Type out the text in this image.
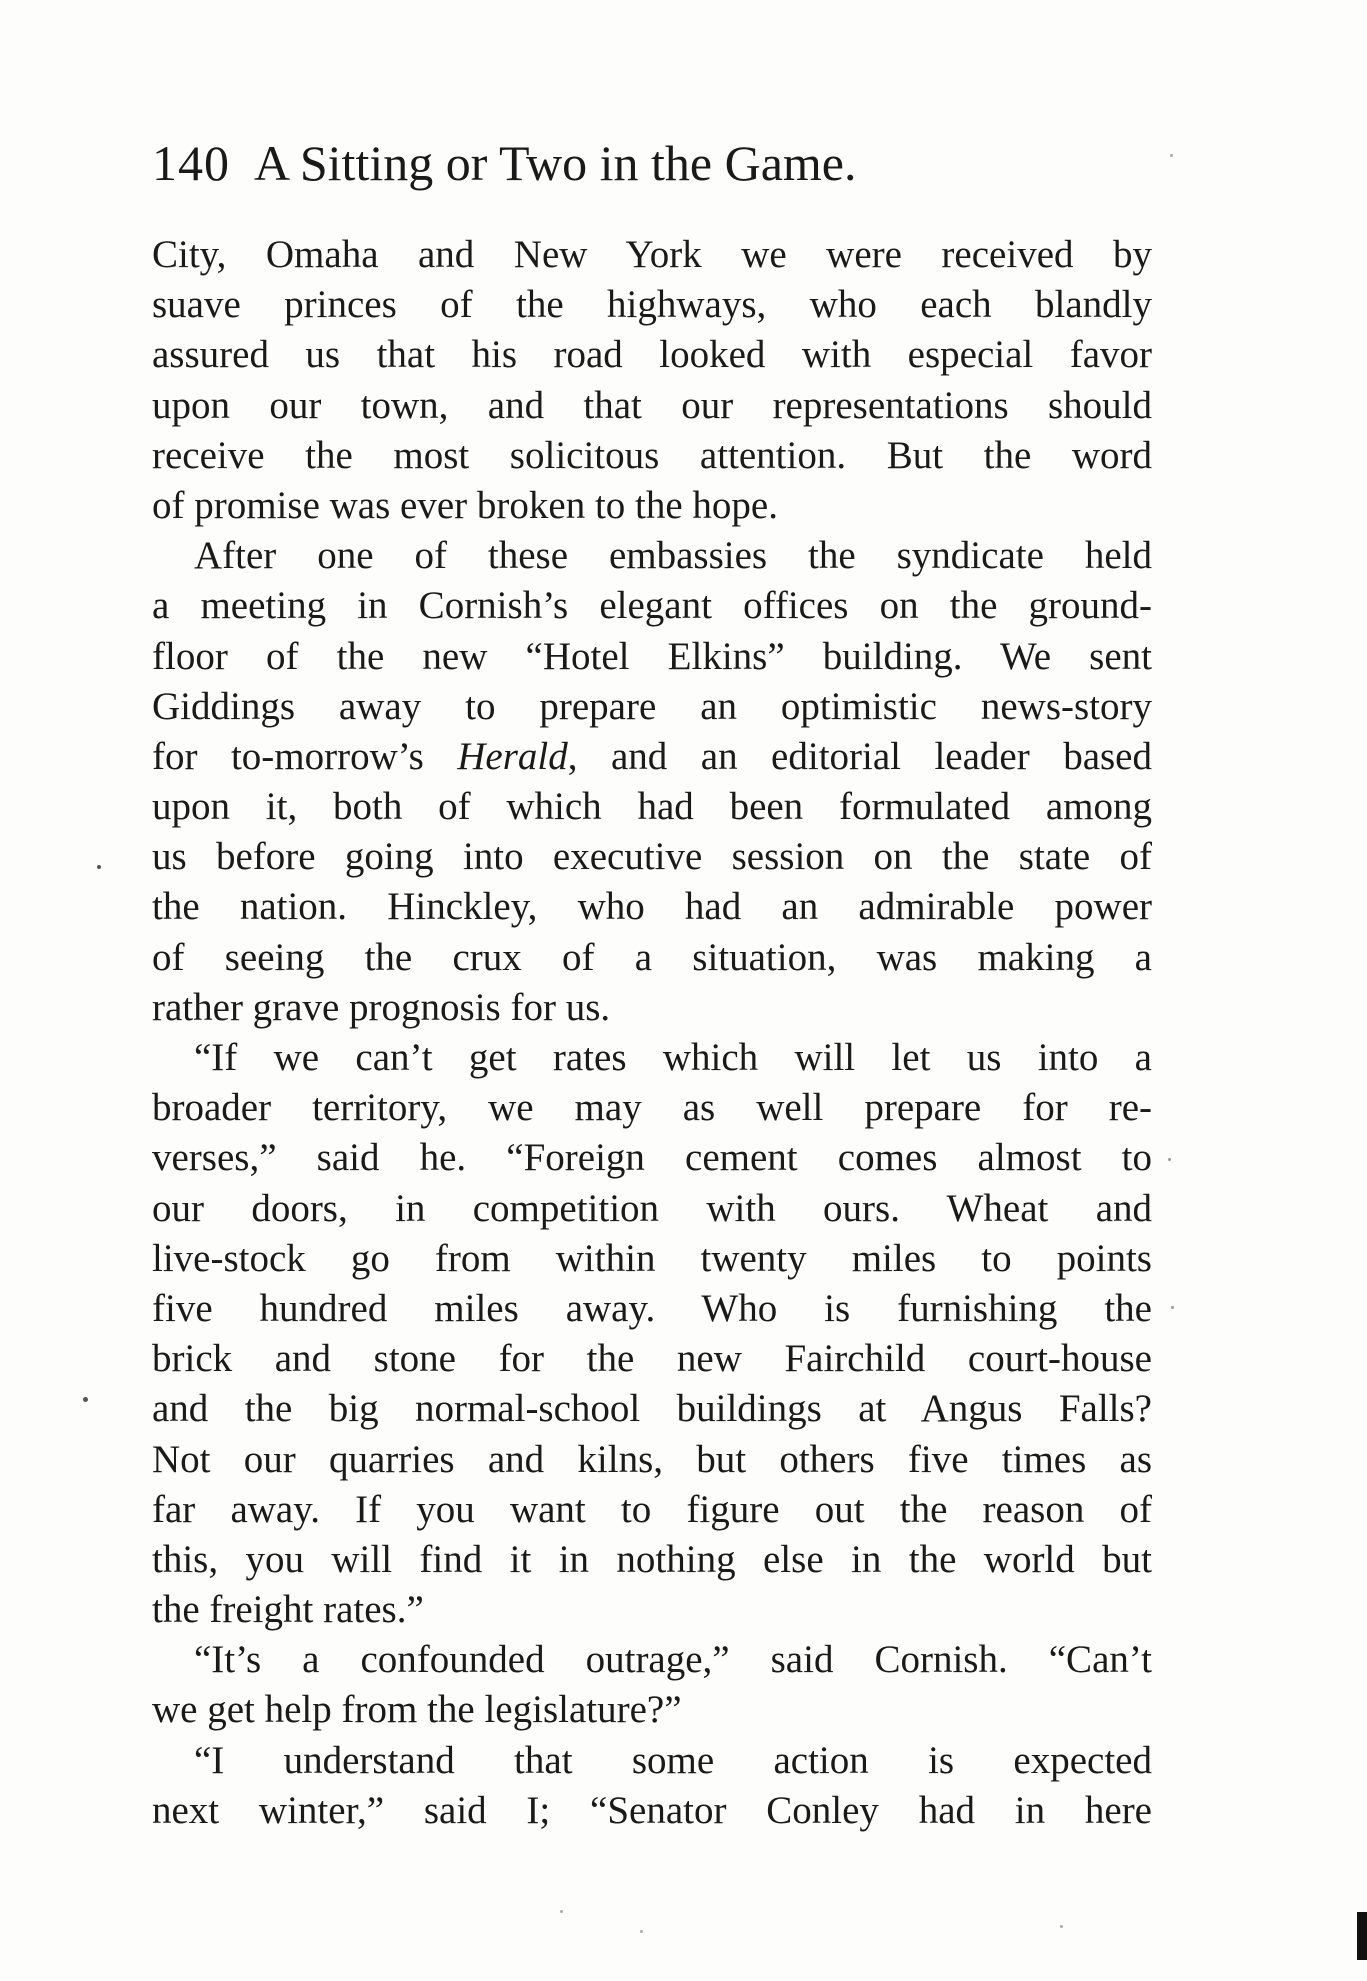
140 A Sitting or Two in the Game.
City, Omaha and New York we were received by
suave princes of the highways, who each blandly
assured us that his road looked with especial favor
upon our town, and that our representations should
receive the most solicitous attention. But the word
of promise was ever broken to the hope.
After one of these embassies the syndicate held
a meeting in Cornish’s elegant offices on the ground-
floor of the new “Hotel Elkins” building. We sent
Giddings away to prepare an optimistic news-story
for to-morrow’s Herald, and an editorial leader based
upon it, both of which had been formulated among
us before going into executive session on the state of
the nation. Hinckley, who had an admirable power
of seeing the crux of a situation, was making a
rather grave prognosis for us.
“If we can’t get rates which will let us into a
broader territory, we may as well prepare for re-
verses,” said he. “Foreign cement comes almost to
our doors, in competition with ours. Wheat and
live-stock go from within twenty miles to points
five hundred miles away. Who is furnishing the
brick and stone for the new Fairchild court-house
and the big normal-school buildings at Angus Falls?
Not our quarries and kilns, but others five times as
far away. If you want to figure out the reason of
this, you will find it in nothing else in the world but
the freight rates.”
“It’s a confounded outrage,” said Cornish. “Can’t
we get help from the legislature?”
“I understand that some action is expected
next winter,” said I; “Senator Conley had in here
